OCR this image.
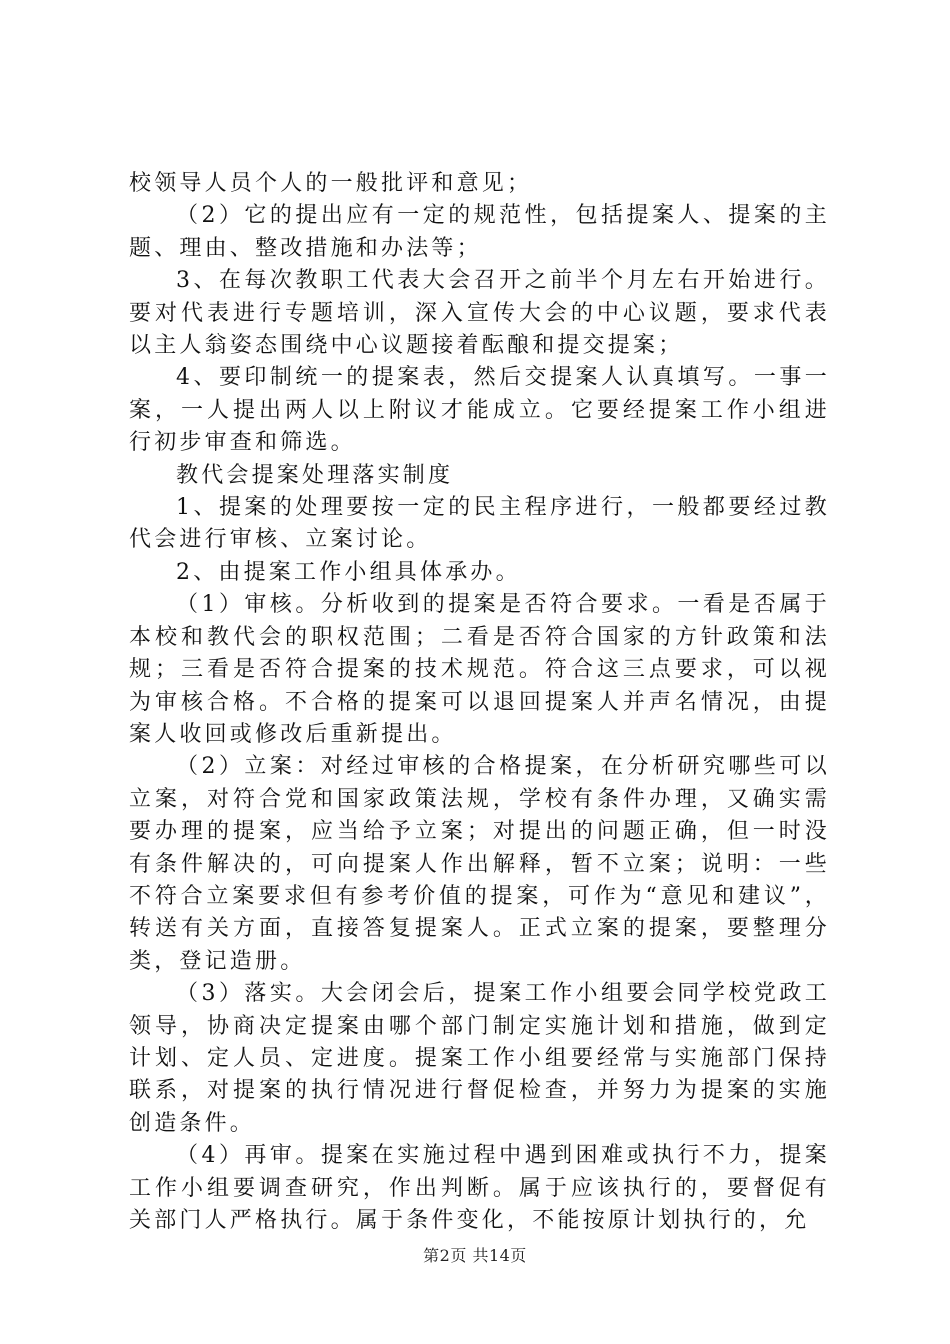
校领导人员个人的一般批评和意见；

（2）它的提出应有一定的规范性，包括提案人、提案的主题、理由、整改措施和办法等；

3、在每次教职工代表大会召开之前半个月左右开始进行。要对代表进行专题培训，深入宣传大会的中心议题，要求代表以主人翁姿态围绕中心议题接着酝酿和提交提案；

4、要印制统一的提案表，然后交提案人认真填写。一事一案，一人提出两人以上附议才能成立。它要经提案工作小组进行初步审查和筛选。

教代会提案处理落实制度

1、提案的处理要按一定的民主程序进行，一般都要经过教代会进行审核、立案讨论。

2、由提案工作小组具体承办。

（1）审核。分析收到的提案是否符合要求。一看是否属于本校和教代会的职权范围；二看是否符合国家的方针政策和法规；三看是否符合提案的技术规范。符合这三点要求，可以视为审核合格。不合格的提案可以退回提案人并声名情况，由提案人收回或修改后重新提出。

（2）立案：对经过审核的合格提案，在分析研究哪些可以立案，对符合党和国家政策法规，学校有条件办理，又确实需要办理的提案，应当给予立案；对提出的问题正确，但一时没有条件解决的，可向提案人作出解释，暂不立案；说明：一些不符合立案要求但有参考价值的提案，可作为“意见和建议”，转送有关方面，直接答复提案人。正式立案的提案，要整理分类，登记造册。

（3）落实。大会闭会后，提案工作小组要会同学校党政工领导，协商决定提案由哪个部门制定实施计划和措施，做到定计划、定人员、定进度。提案工作小组要经常与实施部门保持联系，对提案的执行情况进行督促检查，并努力为提案的实施创造条件。

（4）再审。提案在实施过程中遇到困难或执行不力，提案工作小组要调查研究，作出判断。属于应该执行的，要督促有关部门人严格执行。属于条件变化，不能按原计划执行的，允

第2页 共14页
